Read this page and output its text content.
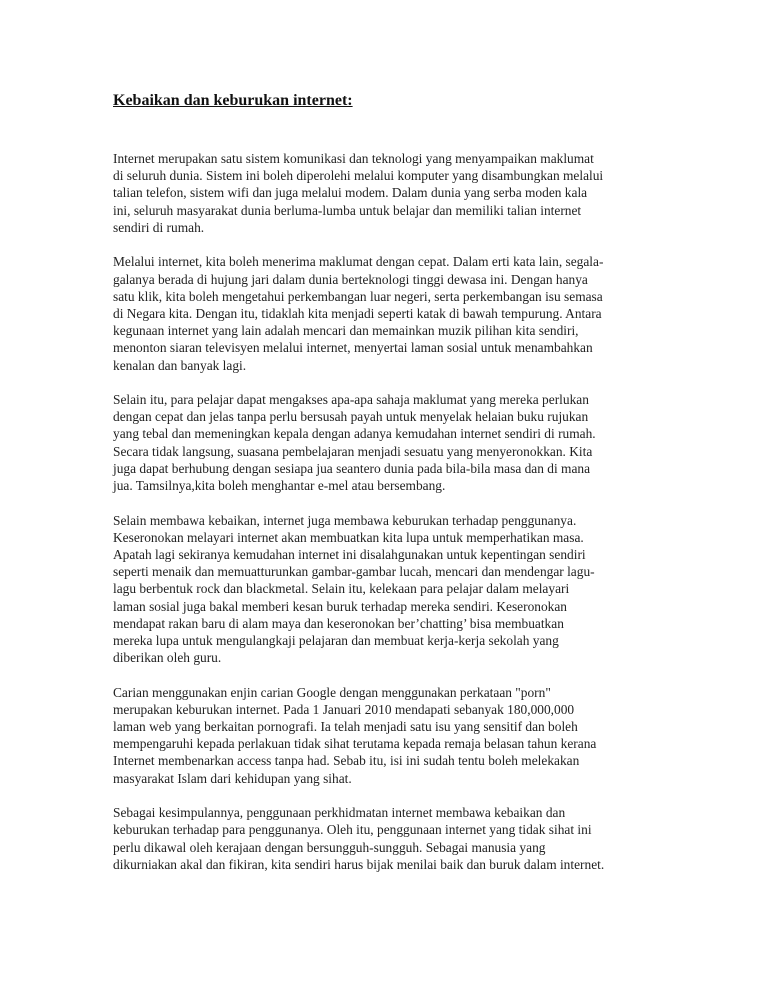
Kebaikan dan keburukan internet:

Internet merupakan satu sistem komunikasi dan teknologi yang menyampaikan maklumat
di seluruh dunia. Sistem ini boleh diperolehi melalui komputer yang disambungkan melalui
talian telefon, sistem wifi dan juga melalui modem. Dalam dunia yang serba moden kala
ini, seluruh masyarakat dunia berluma-lumba untuk belajar dan memiliki talian internet
sendiri di rumah.

Melalui internet, kita boleh menerima maklumat dengan cepat. Dalam erti kata lain, segala-
galanya berada di hujung jari dalam dunia berteknologi tinggi dewasa ini. Dengan hanya
satu klik, kita boleh mengetahui perkembangan luar negeri, serta perkembangan isu semasa
di Negara kita. Dengan itu, tidaklah kita menjadi seperti katak di bawah tempurung. Antara
kegunaan internet yang lain adalah mencari dan memainkan muzik pilihan kita sendiri,
menonton siaran televisyen melalui internet, menyertai laman sosial untuk menambahkan
kenalan dan banyak lagi.

Selain itu, para pelajar dapat mengakses apa-apa sahaja maklumat yang mereka perlukan
dengan cepat dan jelas tanpa perlu bersusah payah untuk menyelak helaian buku rujukan
yang tebal dan memeningkan kepala dengan adanya kemudahan internet sendiri di rumah.
Secara tidak langsung, suasana pembelajaran menjadi sesuatu yang menyeronokkan. Kita
juga dapat berhubung dengan sesiapa jua seantero dunia pada bila-bila masa dan di mana
jua. Tamsilnya,kita boleh menghantar e-mel atau bersembang.

Selain membawa kebaikan, internet juga membawa keburukan terhadap penggunanya.
Keseronokan melayari internet akan membuatkan kita lupa untuk memperhatikan masa.
Apatah lagi sekiranya kemudahan internet ini disalahgunakan untuk kepentingan sendiri
seperti menaik dan memuatturunkan gambar-gambar lucah, mencari dan mendengar lagu-
lagu berbentuk rock dan blackmetal. Selain itu, kelekaan para pelajar dalam melayari
laman sosial juga bakal memberi kesan buruk terhadap mereka sendiri. Keseronokan
mendapat rakan baru di alam maya dan keseronokan ber’chatting’ bisa membuatkan
mereka lupa untuk mengulangkaji pelajaran dan membuat kerja-kerja sekolah yang
diberikan oleh guru.

Carian menggunakan enjin carian Google dengan menggunakan perkataan "porn"
merupakan keburukan internet. Pada 1 Januari 2010 mendapati sebanyak 180,000,000
laman web yang berkaitan pornografi. Ia telah menjadi satu isu yang sensitif dan boleh
mempengaruhi kepada perlakuan tidak sihat terutama kepada remaja belasan tahun kerana
Internet membenarkan access tanpa had. Sebab itu, isi ini sudah tentu boleh melekakan
masyarakat Islam dari kehidupan yang sihat.

Sebagai kesimpulannya, penggunaan perkhidmatan internet membawa kebaikan dan
keburukan terhadap para penggunanya. Oleh itu, penggunaan internet yang tidak sihat ini
perlu dikawal oleh kerajaan dengan bersungguh-sungguh. Sebagai manusia yang
dikurniakan akal dan fikiran, kita sendiri harus bijak menilai baik dan buruk dalam internet.
